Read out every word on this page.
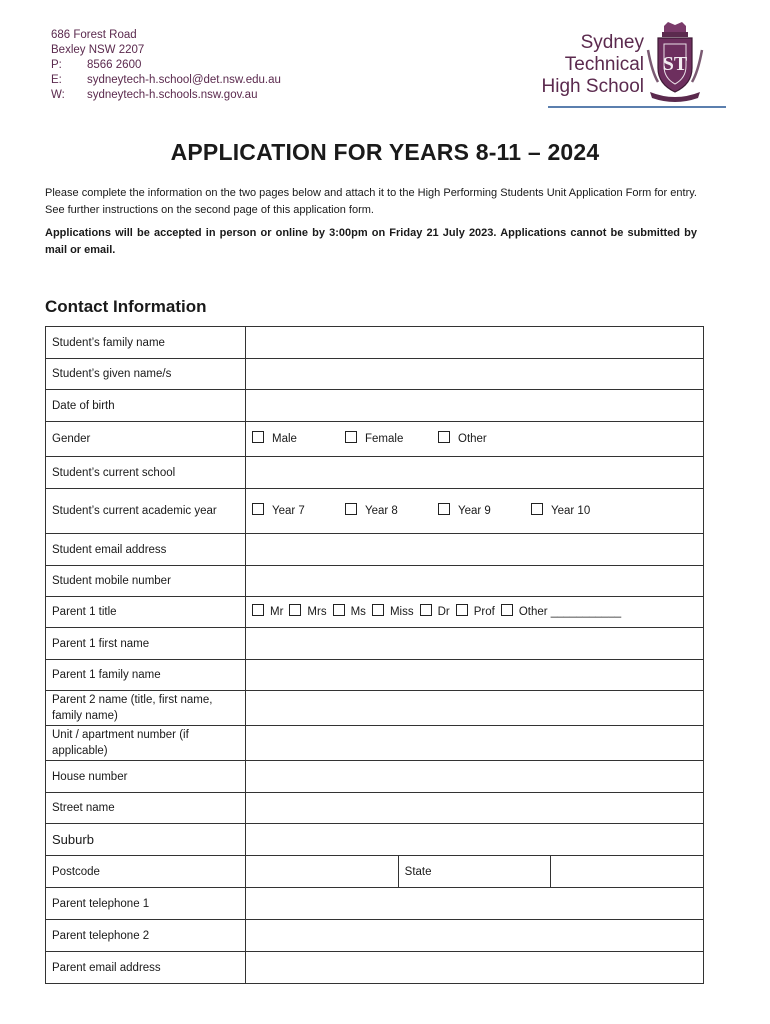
686 Forest Road
Bexley NSW 2207
P:	8566 2600
E:	sydneytech-h.school@det.nsw.edu.au
W:	sydneytech-h.schools.nsw.gov.au
Sydney
Technical
High School
ST
APPLICATION FOR YEARS 8-11 – 2024
Please complete the information on the two pages below and attach it to the High Performing Students Unit Application Form for entry. See further instructions on the second page of this application form.
Applications will be accepted in person or online by 3:00pm on Friday 21 July 2023. Applications cannot be submitted by mail or email.
Contact Information
Student’s family name			
Student’s given name/s			
Date of birth			
Gender	Male Female Other		
Student’s current school			
Student’s current academic year	Year 7 Year 8 Year 9 Year 10		
Student email address			
Student mobile number			
Parent 1 title	Mr Mrs Ms Miss Dr Prof Other ___________		
Parent 1 first name			
Parent 1 family name			
Parent 2 name (title, first name, family name)			
Unit / apartment number (if applicable)			
House number			
Street name			
Suburb			
Postcode		State	
Parent telephone 1			
Parent telephone 2			
Parent email address			
